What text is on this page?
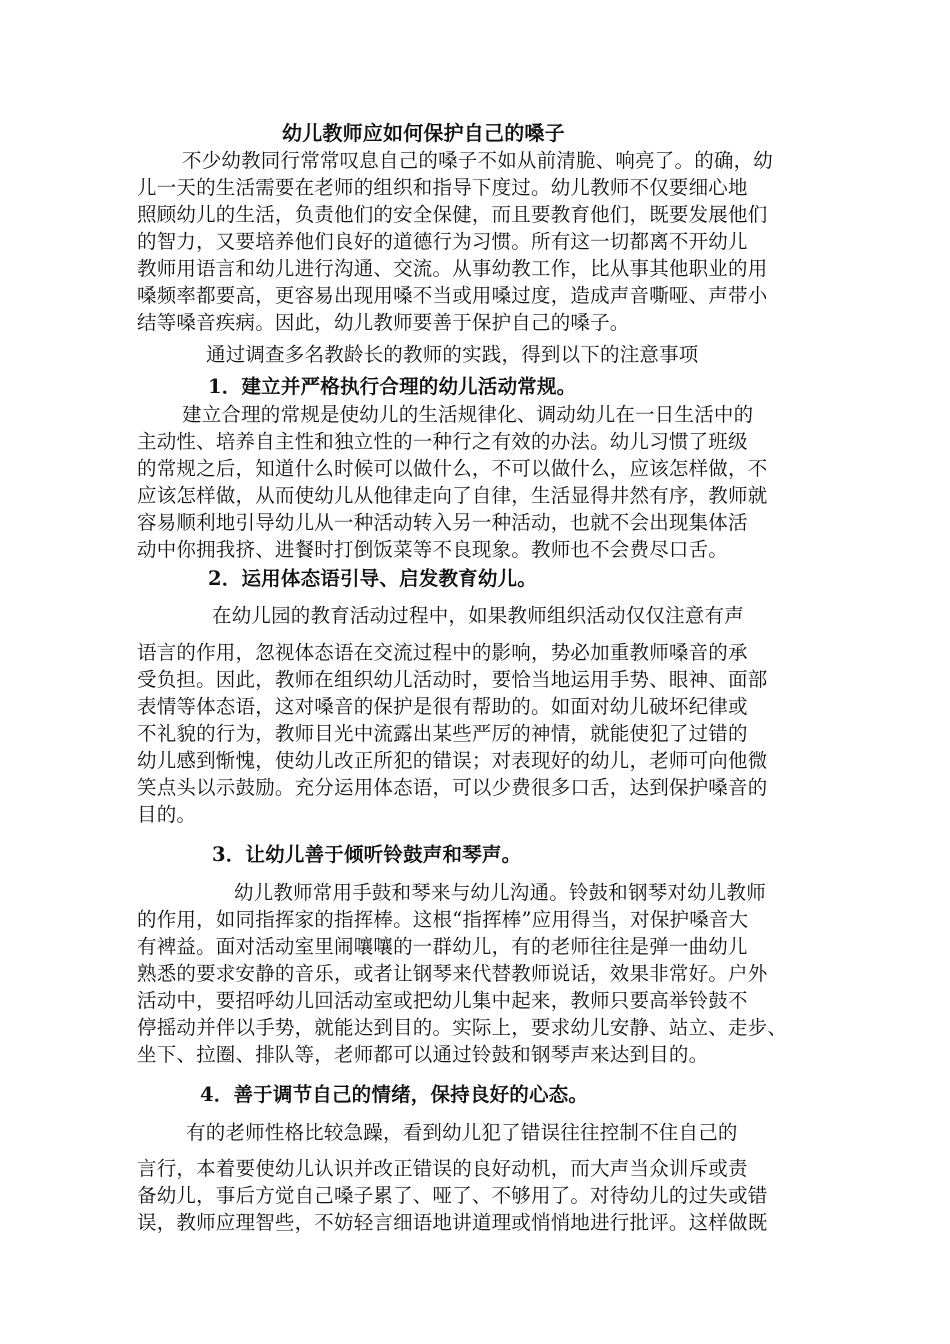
幼儿教师应如何保护自己的嗓子
不少幼教同行常常叹息自己的嗓子不如从前清脆、响亮了。的确，幼
儿一天的生活需要在老师的组织和指导下度过。幼儿教师不仅要细心地
照顾幼儿的生活，负责他们的安全保健，而且要教育他们，既要发展他们
的智力，又要培养他们良好的道德行为习惯。所有这一切都离不开幼儿
教师用语言和幼儿进行沟通、交流。从事幼教工作，比从事其他职业的用
嗓频率都要高，更容易出现用嗓不当或用嗓过度，造成声音嘶哑、声带小
结等嗓音疾病。因此，幼儿教师要善于保护自己的嗓子。
通过调查多名教龄长的教师的实践，得到以下的注意事项
1．建立并严格执行合理的幼儿活动常规。
建立合理的常规是使幼儿的生活规律化、调动幼儿在一日生活中的
主动性、培养自主性和独立性的一种行之有效的办法。幼儿习惯了班级
的常规之后，知道什么时候可以做什么，不可以做什么，应该怎样做，不
应该怎样做，从而使幼儿从他律走向了自律，生活显得井然有序，教师就
容易顺利地引导幼儿从一种活动转入另一种活动，也就不会出现集体活
动中你拥我挤、进餐时打倒饭菜等不良现象。教师也不会费尽口舌。
2．运用体态语引导、启发教育幼儿。
在幼儿园的教育活动过程中，如果教师组织活动仅仅注意有声
语言的作用，忽视体态语在交流过程中的影响，势必加重教师嗓音的承
受负担。因此，教师在组织幼儿活动时，要恰当地运用手势、眼神、面部
表情等体态语，这对嗓音的保护是很有帮助的。如面对幼儿破坏纪律或
不礼貌的行为，教师目光中流露出某些严厉的神情，就能使犯了过错的
幼儿感到惭愧，使幼儿改正所犯的错误；对表现好的幼儿，老师可向他微
笑点头以示鼓励。充分运用体态语，可以少费很多口舌，达到保护嗓音的
目的。
3．让幼儿善于倾听铃鼓声和琴声。
幼儿教师常用手鼓和琴来与幼儿沟通。铃鼓和钢琴对幼儿教师
的作用，如同指挥家的指挥棒。这根“指挥棒”应用得当，对保护嗓音大
有裨益。面对活动室里闹嚷嚷的一群幼儿，有的老师往往是弹一曲幼儿
熟悉的要求安静的音乐，或者让钢琴来代替教师说话，效果非常好。户外
活动中，要招呼幼儿回活动室或把幼儿集中起来，教师只要高举铃鼓不
停摇动并伴以手势，就能达到目的。实际上，要求幼儿安静、站立、走步、
坐下、拉圈、排队等，老师都可以通过铃鼓和钢琴声来达到目的。
4．善于调节自己的情绪，保持良好的心态。
有的老师性格比较急躁，看到幼儿犯了错误往往控制不住自己的
言行，本着要使幼儿认识并改正错误的良好动机，而大声当众训斥或责
备幼儿，事后方觉自己嗓子累了、哑了、不够用了。对待幼儿的过失或错
误，教师应理智些，不妨轻言细语地讲道理或悄悄地进行批评。这样做既
